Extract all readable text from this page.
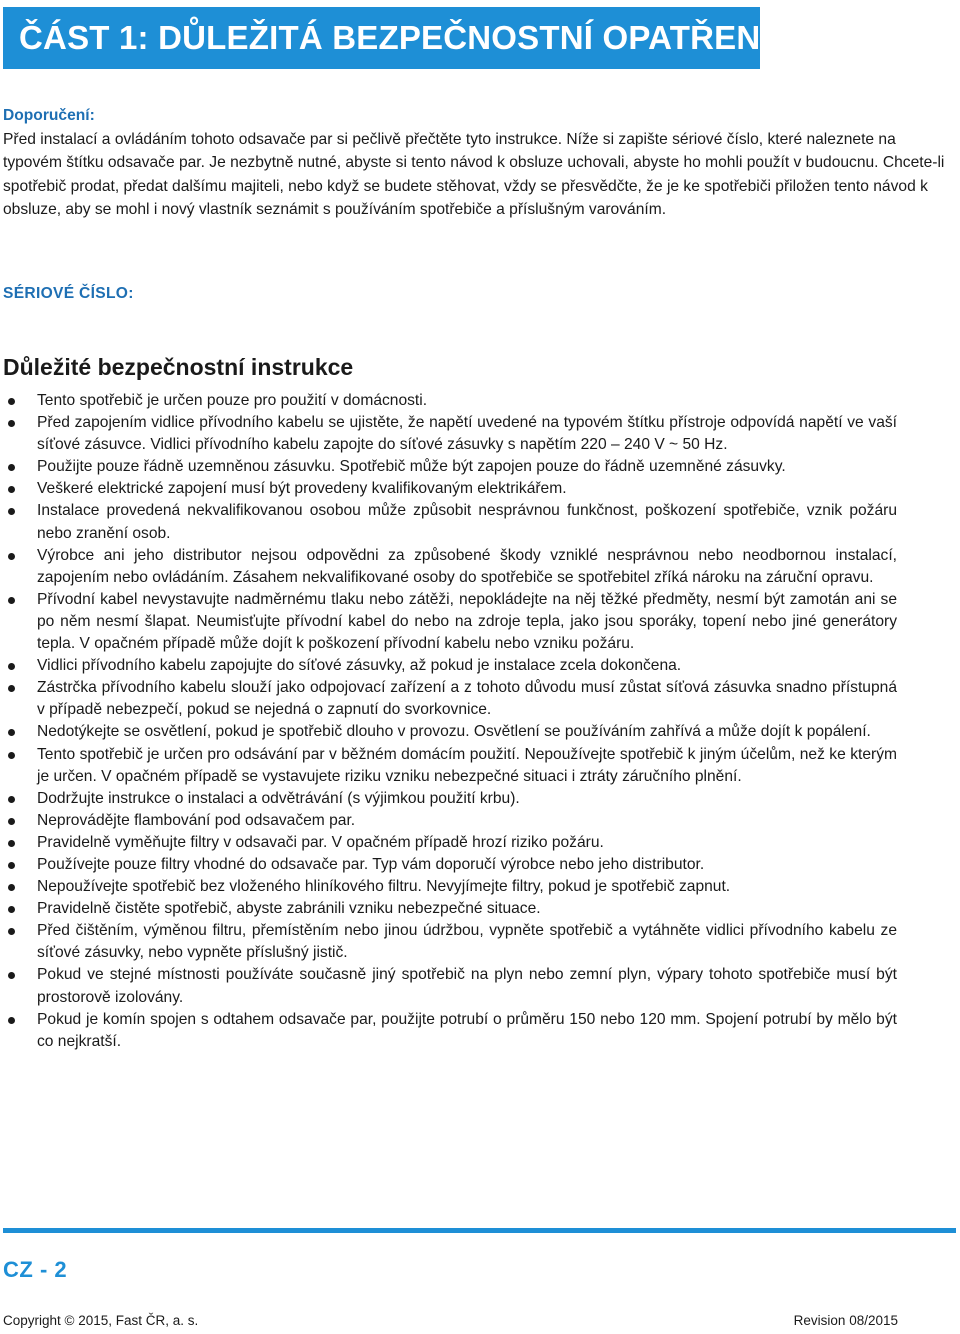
ČÁST 1: DŮLEŽITÁ BEZPEČNOSTNÍ OPATŘENÍ
Doporučení:

Před instalací a ovládáním tohoto odsavače par si pečlivě přečtěte tyto instrukce. Níže si zapište sériové číslo, které naleznete na typovém štítku odsavače par. Je nezbytně nutné, abyste si tento návod k obsluze uchovali, abyste ho mohli použít v budoucnu. Chcete-li spotřebič prodat, předat dalšímu majiteli, nebo když se budete stěhovat, vždy se přesvědčte, že je ke spotřebiči přiložen tento návod k obsluze, aby se mohl i nový vlastník seznámit s používáním spotřebiče a příslušným varováním.

SÉRIOVÉ ČÍSLO:
Důležité bezpečnostní instrukce
Tento spotřebič je určen pouze pro použití v domácnosti.
Před zapojením vidlice přívodního kabelu se ujistěte, že napětí uvedené na typovém štítku přístroje odpovídá napětí ve vaší síťové zásuvce. Vidlici přívodního kabelu zapojte do síťové zásuvky s napětím 220 – 240 V ~ 50 Hz.
Použijte pouze řádně uzemněnou zásuvku. Spotřebič může být zapojen pouze do řádně uzemněné zásuvky.
Veškeré elektrické zapojení musí být provedeny kvalifikovaným elektrikářem.
Instalace provedená nekvalifikovanou osobou může způsobit nesprávnou funkčnost, poškození spotřebiče, vznik požáru nebo zranění osob.
Výrobce ani jeho distributor nejsou odpovědni za způsobené škody vzniklé nesprávnou nebo neodbornou instalací, zapojením nebo ovládáním. Zásahem nekvalifikované osoby do spotřebiče se spotřebitel zříká nároku na záruční opravu.
Přívodní kabel nevystavujte nadměrnému tlaku nebo zátěži, nepokládejte na něj těžké předměty, nesmí být zamotán ani se po něm nesmí šlapat. Neumisťujte přívodní kabel do nebo na zdroje tepla, jako jsou sporáky, topení nebo jiné generátory tepla. V opačném případě může dojít k poškození přívodní kabelu nebo vzniku požáru.
Vidlici přívodního kabelu zapojujte do síťové zásuvky, až pokud je instalace zcela dokončena.
Zástrčka přívodního kabelu slouží jako odpojovací zařízení a z tohoto důvodu musí zůstat síťová zásuvka snadno přístupná v případě nebezpečí, pokud se nejedná o zapnutí do svorkovnice.
Nedotýkejte se osvětlení, pokud je spotřebič dlouho v provozu. Osvětlení se používáním zahřívá a může dojít k popálení.
Tento spotřebič je určen pro odsávání par v běžném domácím použití. Nepoužívejte spotřebič k jiným účelům, než ke kterým je určen. V opačném případě se vystavujete riziku vzniku nebezpečné situaci i ztráty záručního plnění.
Dodržujte instrukce o instalaci a odvětrávání (s výjimkou použití krbu).
Neprovádějte flambování pod odsavačem par.
Pravidelně vyměňujte filtry v odsavači par. V opačném případě hrozí riziko požáru.
Používejte pouze filtry vhodné do odsavače par. Typ vám doporučí výrobce nebo jeho distributor.
Nepoužívejte spotřebič bez vloženého hliníkového filtru. Nevyjímejte filtry, pokud je spotřebič zapnut.
Pravidelně čistěte spotřebič, abyste zabránili vzniku nebezpečné situace.
Před čištěním, výměnou filtru, přemístěním nebo jinou údržbou, vypněte spotřebič a vytáhněte vidlici přívodního kabelu ze síťové zásuvky, nebo vypněte příslušný jistič.
Pokud ve stejné místnosti používáte současně jiný spotřebič na plyn nebo zemní plyn, výpary tohoto spotřebiče musí být prostorově izolovány.
Pokud je komín spojen s odtahem odsavače par, použijte potrubí o průměru 150 nebo 120 mm. Spojení potrubí by mělo být co nejkratší.
CZ - 2
Copyright © 2015, Fast ČR, a. s.	Revision 08/2015
